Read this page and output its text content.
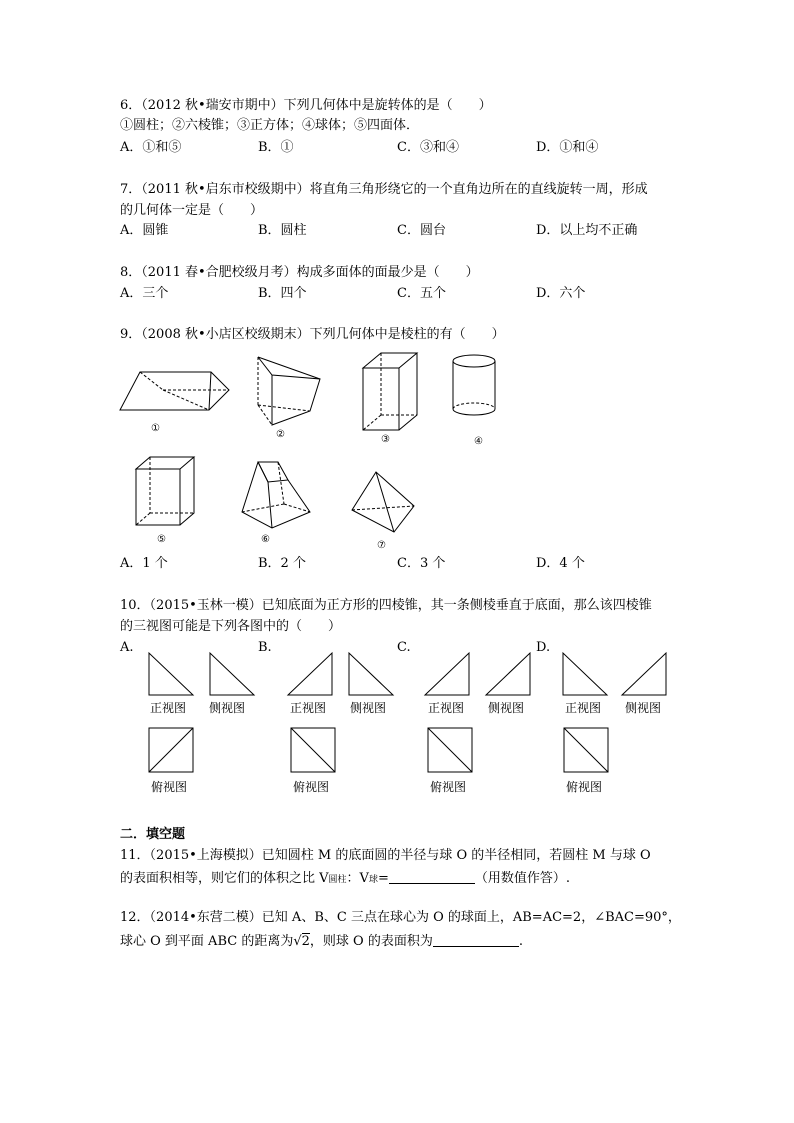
6．（2012 秋•瑞安市期中）下列几何体中是旋转体的是（　　）
①圆柱；②六棱锥；③正方体；④球体；⑤四面体．
A．①和⑤	B．①	C．③和④	D．①和④
7．（2011 秋•启东市校级期中）将直角三角形绕它的一个直角边所在的直线旋转一周，形成
的几何体一定是（　　）
A．圆锥	B．圆柱	C．圆台	D．以上均不正确
8．（2011 春•合肥校级月考）构成多面体的面最少是（　　）
A．三个	B．四个	C．五个	D．六个
9．（2008 秋•小店区校级期末）下列几何体中是棱柱的有（　　）
①
②	③	④
⑤	⑥
⑦
A．1 个	B．2 个	C．3 个	D．4 个
10．（2015•玉林一模）已知底面为正方形的四棱锥，其一条侧棱垂直于底面，那么该四棱锥
的三视图可能是下列各图中的（　　）
A.	B.	C.	D.
正视图 侧视图	正视图 侧视图	正视图 侧视图	正视图 侧视图
俯视图	俯视图	俯视图	俯视图
二．填空题
11．（2015•上海模拟）已知圆柱 M 的底面圆的半径与球 O 的半径相同，若圆柱 M 与球 O
的表面积相等，则它们的体积之比 V圆柱：V球=	（用数值作答）.
12．（2014•东营二模）已知 A、B、C 三点在球心为 O 的球面上，AB=AC=2，∠BAC=90°，
球心 O 到平面 ABC 的距离为√2，则球 O 的表面积为	.
